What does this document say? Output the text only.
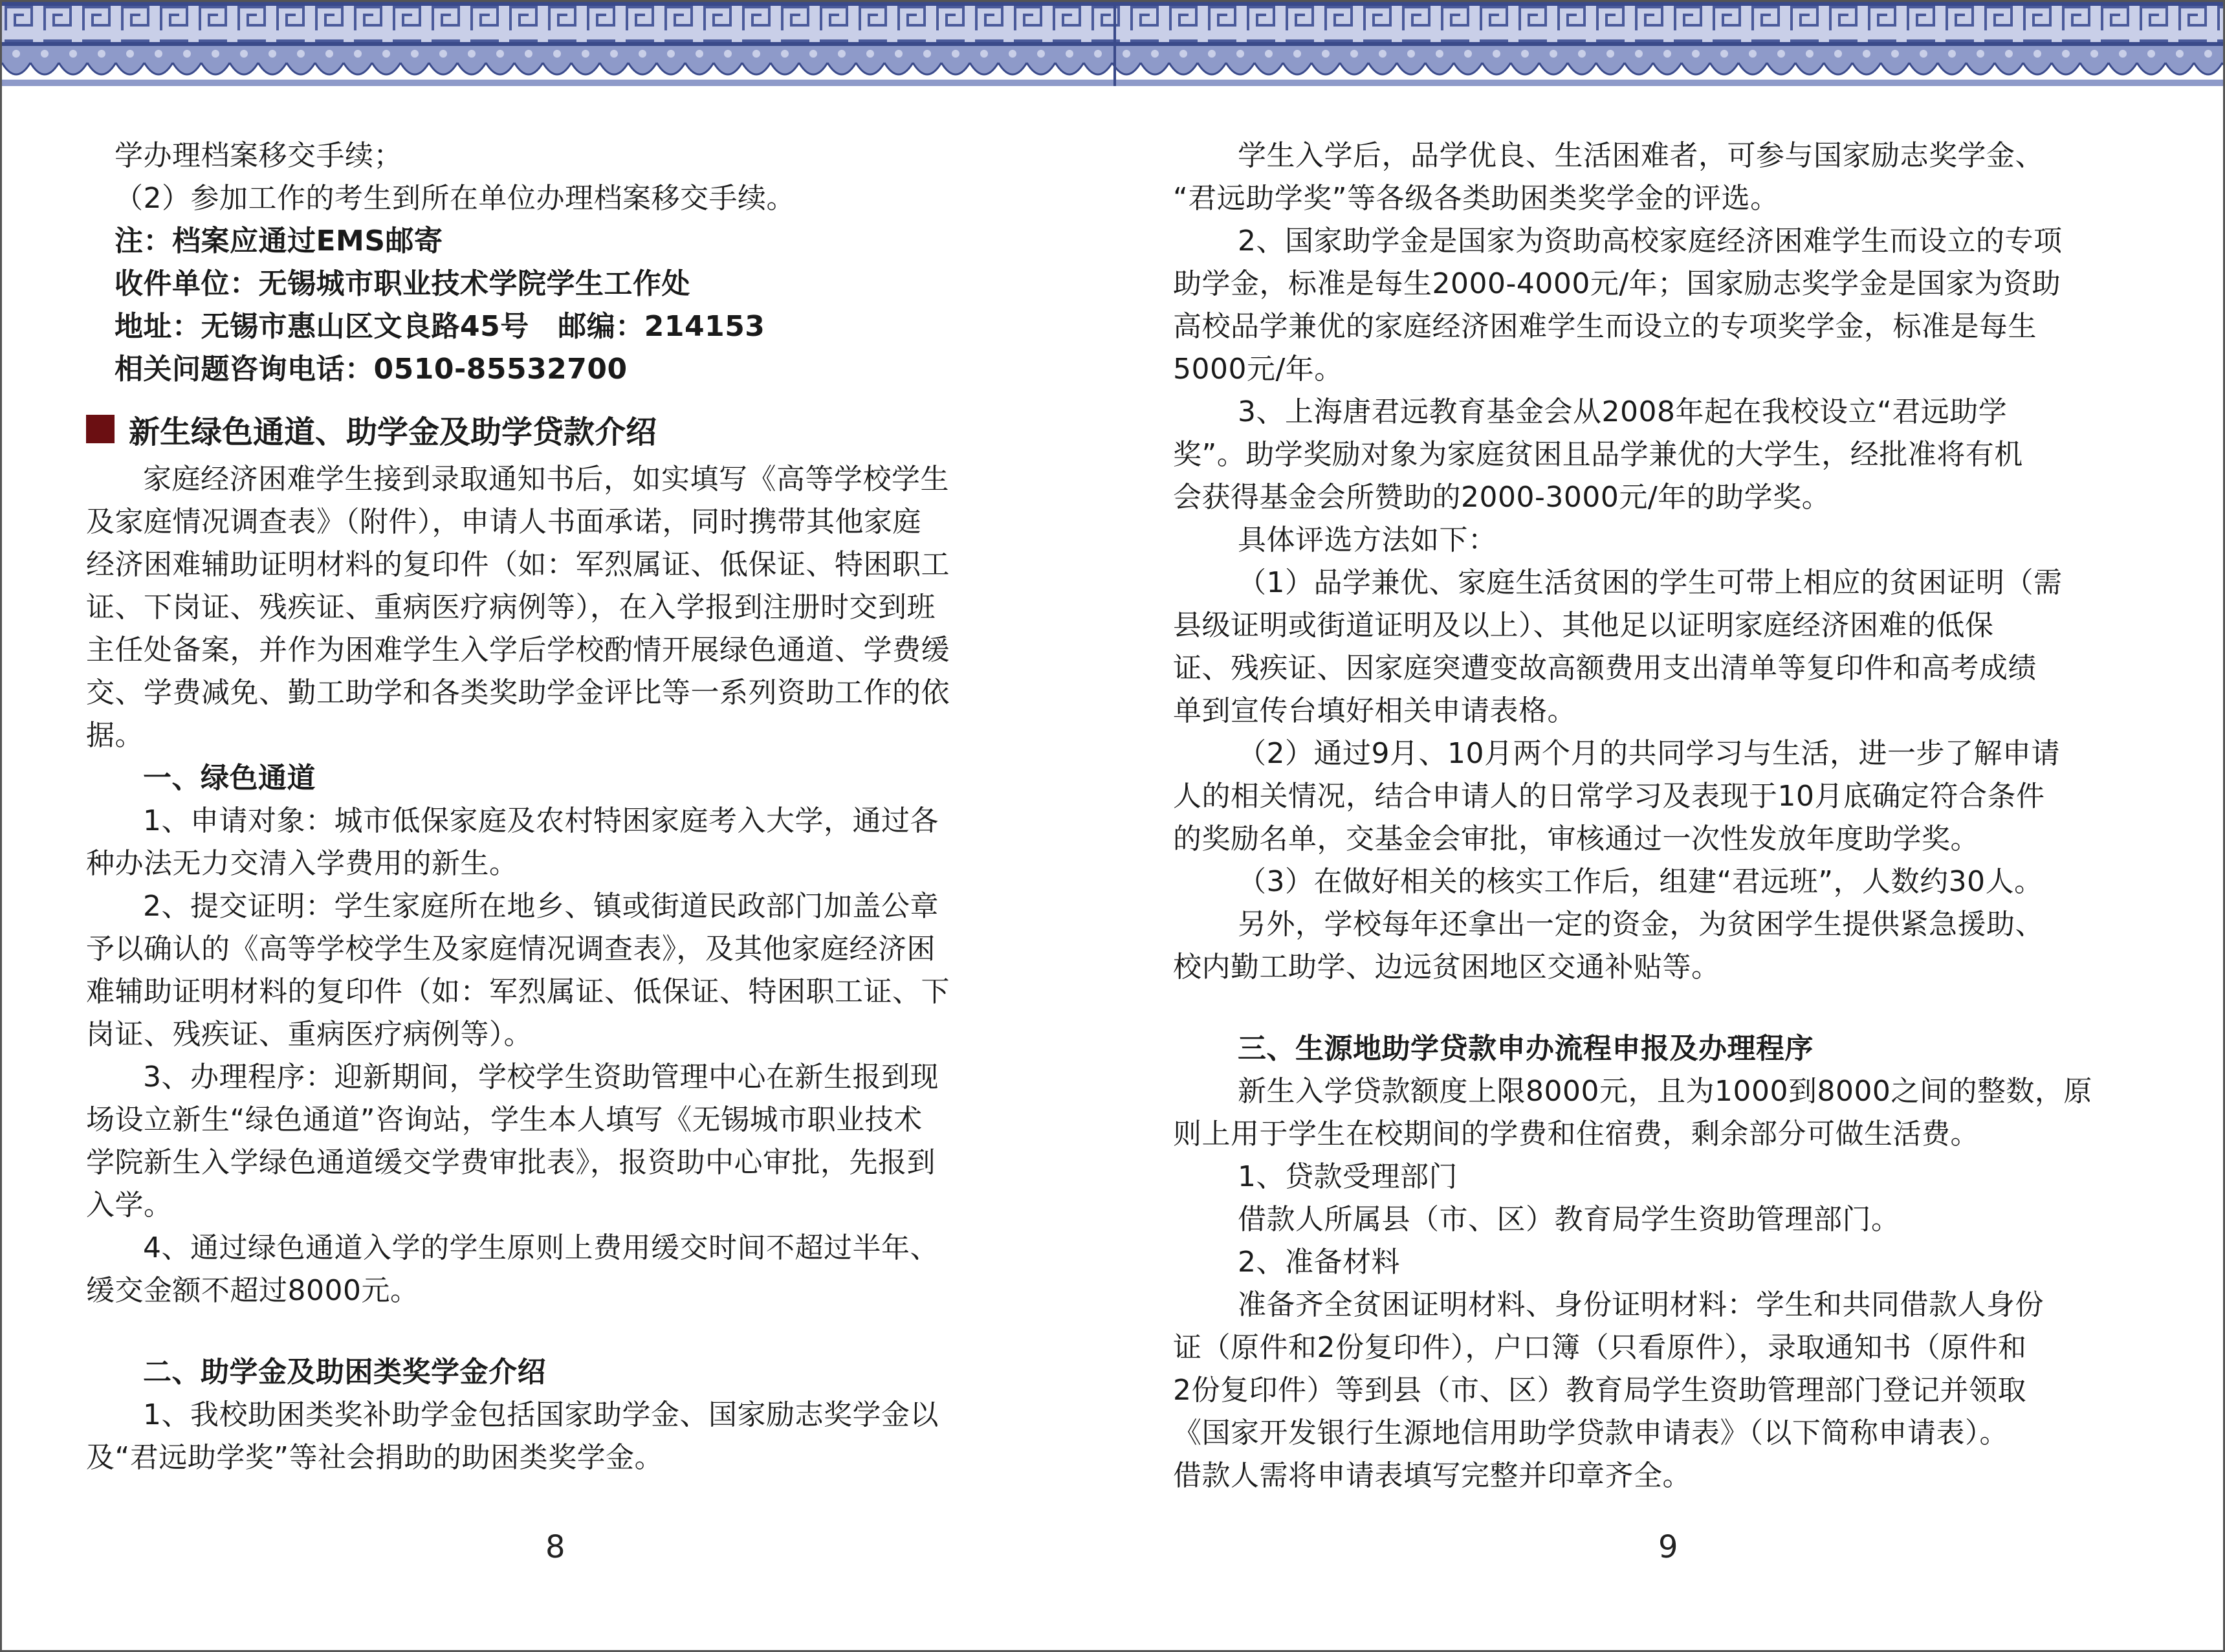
学办理档案移交手续；
（2）参加工作的考生到所在单位办理档案移交手续。
注：档案应通过EMS邮寄
收件单位：无锡城市职业技术学院学生工作处
地址：无锡市惠山区文良路45号　邮编：214153
相关问题咨询电话：0510-85532700
新生绿色通道、助学金及助学贷款介绍
家庭经济困难学生接到录取通知书后，如实填写《高等学校学生
及家庭情况调查表》（附件），申请人书面承诺，同时携带其他家庭
经济困难辅助证明材料的复印件（如：军烈属证、低保证、特困职工
证、下岗证、残疾证、重病医疗病例等），在入学报到注册时交到班
主任处备案，并作为困难学生入学后学校酌情开展绿色通道、学费缓
交、学费减免、勤工助学和各类奖助学金评比等一系列资助工作的依
据。
一、绿色通道
1、申请对象：城市低保家庭及农村特困家庭考入大学，通过各
种办法无力交清入学费用的新生。
2、提交证明：学生家庭所在地乡、镇或街道民政部门加盖公章
予以确认的《高等学校学生及家庭情况调查表》，及其他家庭经济困
难辅助证明材料的复印件（如：军烈属证、低保证、特困职工证、下
岗证、残疾证、重病医疗病例等）。
3、办理程序：迎新期间，学校学生资助管理中心在新生报到现
场设立新生“绿色通道”咨询站，学生本人填写《无锡城市职业技术
学院新生入学绿色通道缓交学费审批表》，报资助中心审批，先报到
入学。
4、通过绿色通道入学的学生原则上费用缓交时间不超过半年、
缓交金额不超过8000元。
二、助学金及助困类奖学金介绍
1、我校助困类奖补助学金包括国家助学金、国家励志奖学金以
及“君远助学奖”等社会捐助的助困类奖学金。
学生入学后，品学优良、生活困难者，可参与国家励志奖学金、
“君远助学奖”等各级各类助困类奖学金的评选。
2、国家助学金是国家为资助高校家庭经济困难学生而设立的专项
助学金，标准是每生2000-4000元/年；国家励志奖学金是国家为资助
高校品学兼优的家庭经济困难学生而设立的专项奖学金，标准是每生
5000元/年。
3、上海唐君远教育基金会从2008年起在我校设立“君远助学
奖”。助学奖励对象为家庭贫困且品学兼优的大学生，经批准将有机
会获得基金会所赞助的2000-3000元/年的助学奖。
具体评选方法如下：
（1）品学兼优、家庭生活贫困的学生可带上相应的贫困证明（需
县级证明或街道证明及以上）、其他足以证明家庭经济困难的低保
证、残疾证、因家庭突遭变故高额费用支出清单等复印件和高考成绩
单到宣传台填好相关申请表格。
（2）通过9月、10月两个月的共同学习与生活，进一步了解申请
人的相关情况，结合申请人的日常学习及表现于10月底确定符合条件
的奖励名单，交基金会审批，审核通过一次性发放年度助学奖。
（3）在做好相关的核实工作后，组建“君远班”，人数约30人。
另外，学校每年还拿出一定的资金，为贫困学生提供紧急援助、
校内勤工助学、边远贫困地区交通补贴等。
三、生源地助学贷款申办流程申报及办理程序
新生入学贷款额度上限8000元，且为1000到8000之间的整数，原
则上用于学生在校期间的学费和住宿费，剩余部分可做生活费。
1、贷款受理部门
借款人所属县（市、区）教育局学生资助管理部门。
2、准备材料
准备齐全贫困证明材料、身份证明材料：学生和共同借款人身份
证（原件和2份复印件），户口簿（只看原件），录取通知书（原件和
2份复印件）等到县（市、区）教育局学生资助管理部门登记并领取
《国家开发银行生源地信用助学贷款申请表》（以下简称申请表）。
借款人需将申请表填写完整并印章齐全。
8	9
